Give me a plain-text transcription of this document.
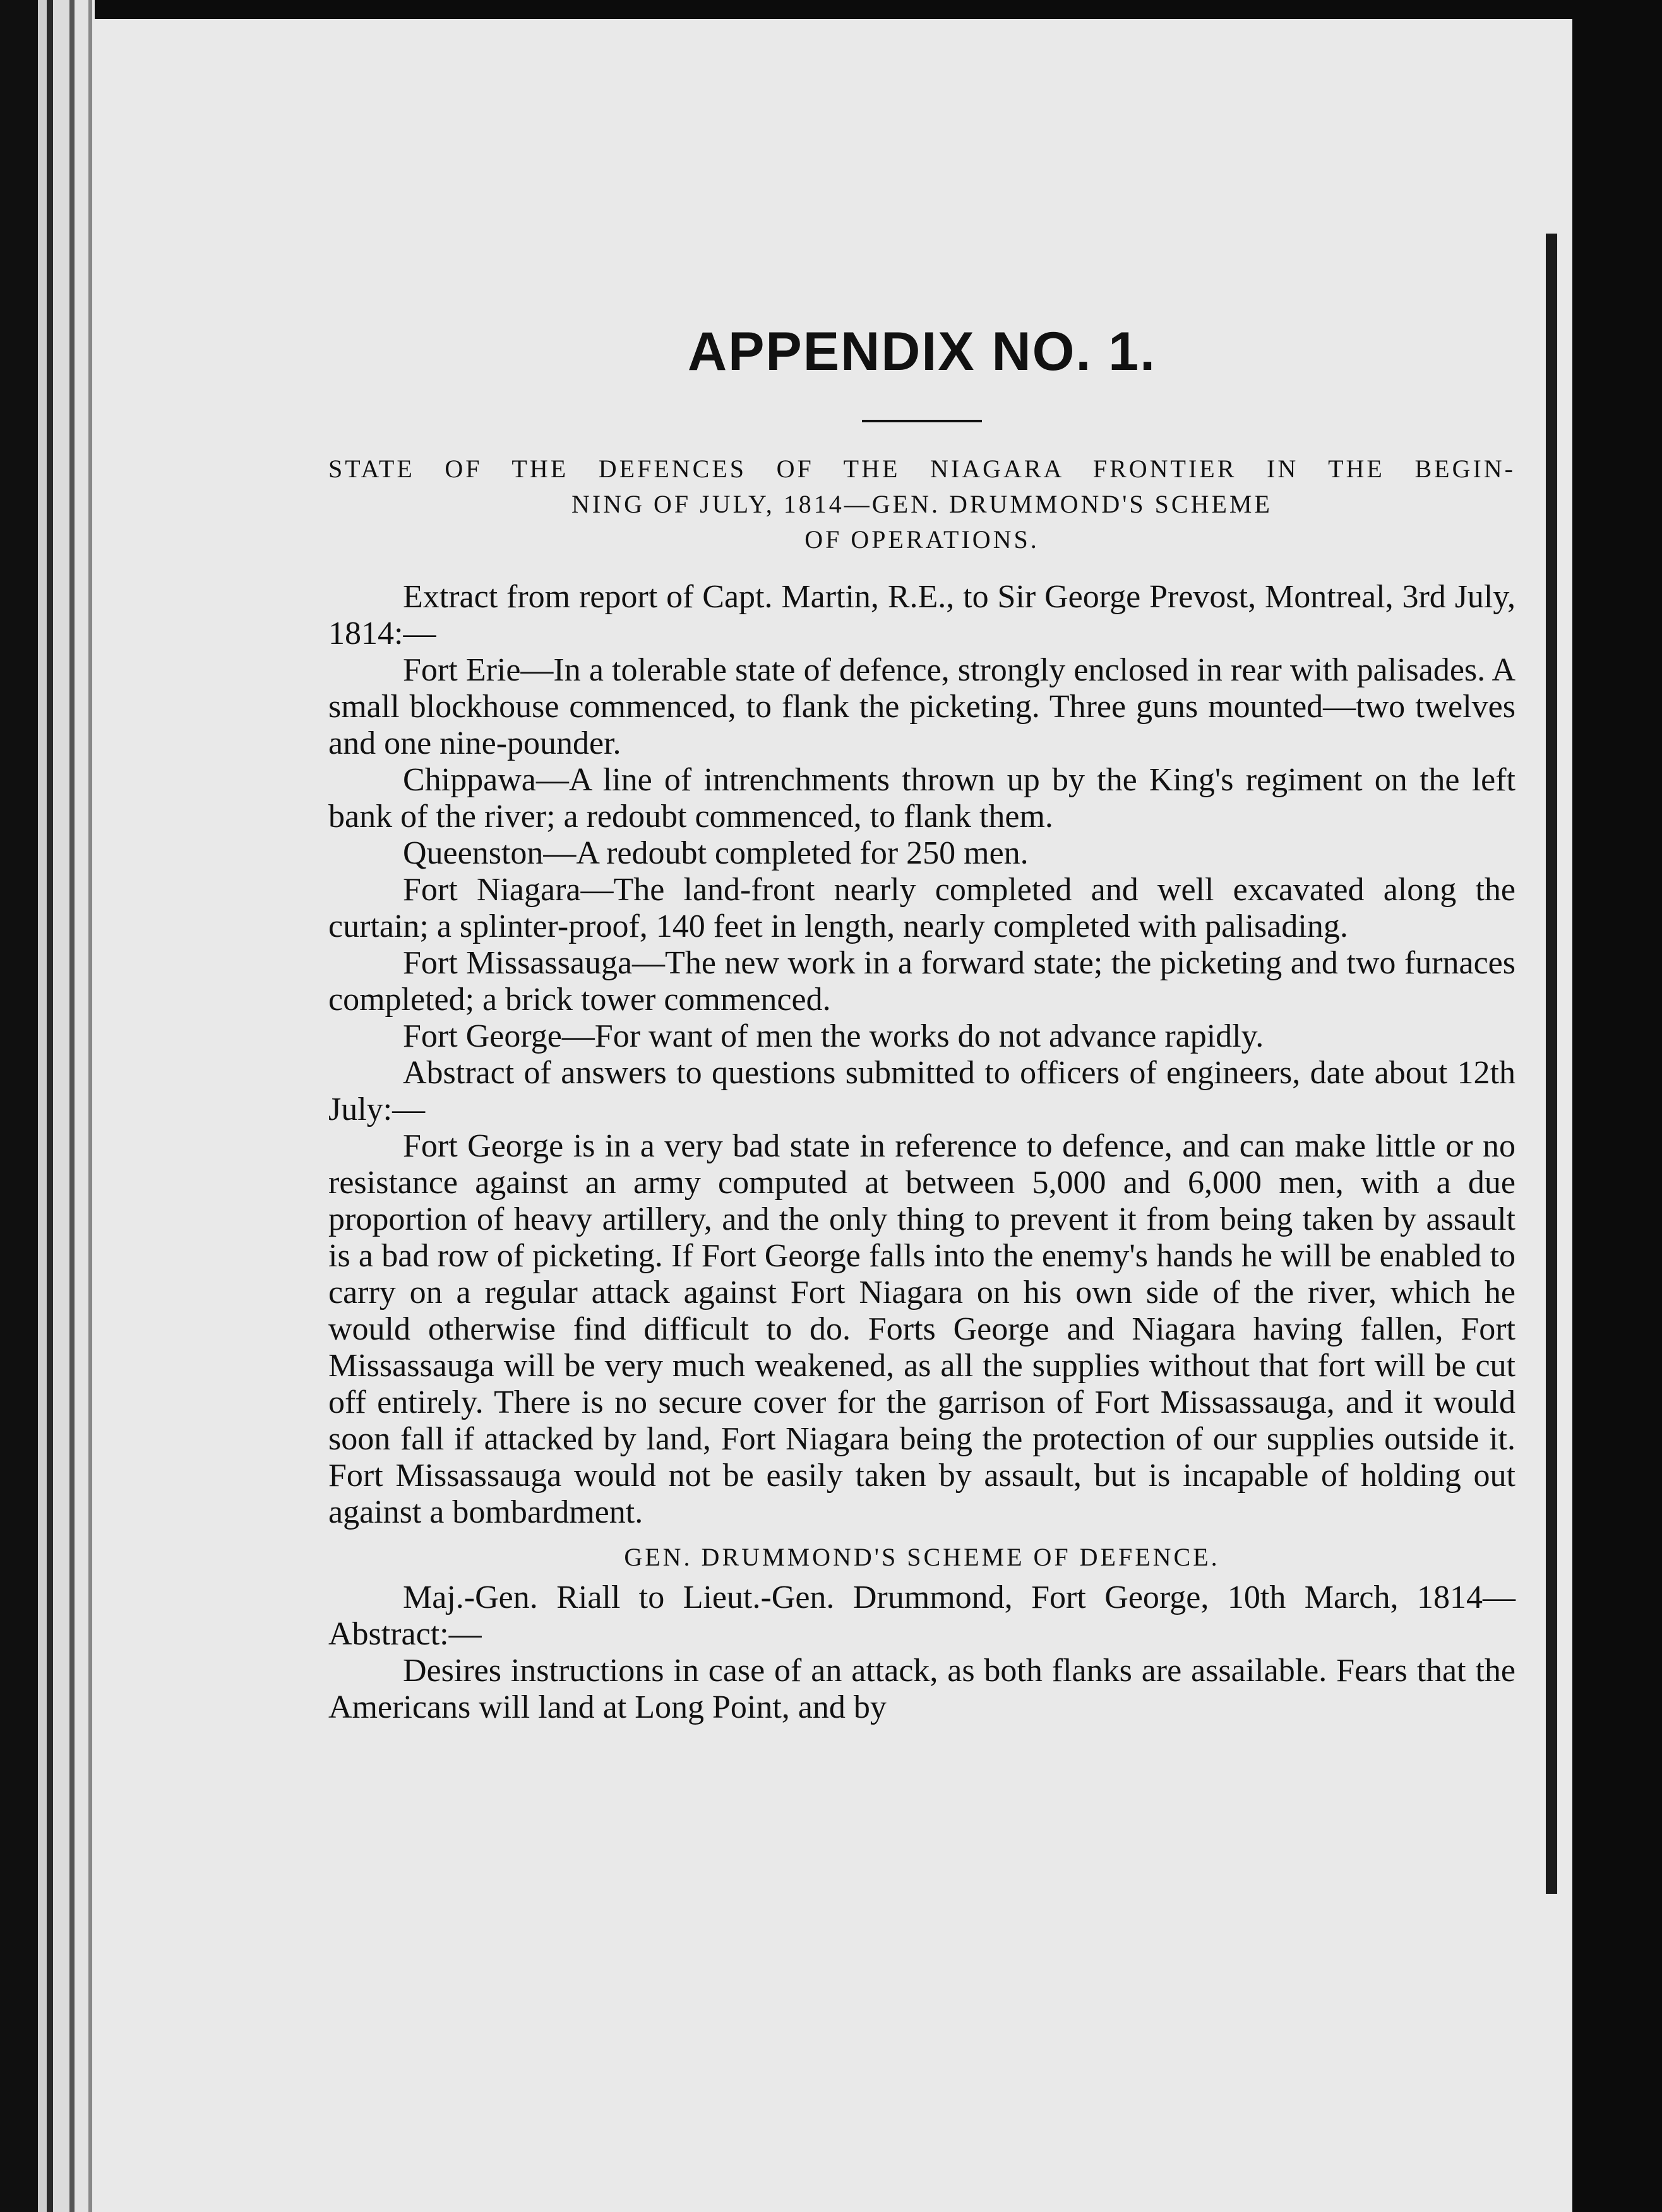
APPENDIX NO. 1.
STATE OF THE DEFENCES OF THE NIAGARA FRONTIER IN THE BEGIN-
NING OF JULY, 1814—GEN. DRUMMOND'S SCHEME
OF OPERATIONS.

Extract from report of Capt. Martin, R.E., to Sir George Prevost, Montreal, 3rd July, 1814:—

Fort Erie—In a tolerable state of defence, strongly enclosed in rear with palisades. A small blockhouse commenced, to flank the picketing. Three guns mounted—two twelves and one nine-pounder.

Chippawa—A line of intrenchments thrown up by the King's regiment on the left bank of the river; a redoubt commenced, to flank them.

Queenston—A redoubt completed for 250 men.

Fort Niagara—The land-front nearly completed and well excavated along the curtain; a splinter-proof, 140 feet in length, nearly completed with palisading.

Fort Missassauga—The new work in a forward state; the picketing and two furnaces completed; a brick tower commenced.

Fort George—For want of men the works do not advance rapidly.

Abstract of answers to questions submitted to officers of engineers, date about 12th July:—

Fort George is in a very bad state in reference to defence, and can make little or no resistance against an army computed at between 5,000 and 6,000 men, with a due proportion of heavy artillery, and the only thing to prevent it from being taken by assault is a bad row of picketing. If Fort George falls into the enemy's hands he will be enabled to carry on a regular attack against Fort Niagara on his own side of the river, which he would otherwise find difficult to do. Forts George and Niagara having fallen, Fort Missassauga will be very much weakened, as all the supplies without that fort will be cut off entirely. There is no secure cover for the garrison of Fort Missassauga, and it would soon fall if attacked by land, Fort Niagara being the protection of our supplies outside it. Fort Missassauga would not be easily taken by assault, but is incapable of holding out against a bombardment.

GEN. DRUMMOND'S SCHEME OF DEFENCE.

Maj.-Gen. Riall to Lieut.-Gen. Drummond, Fort George, 10th March, 1814—Abstract:—

Desires instructions in case of an attack, as both flanks are assailable. Fears that the Americans will land at Long Point, and by
